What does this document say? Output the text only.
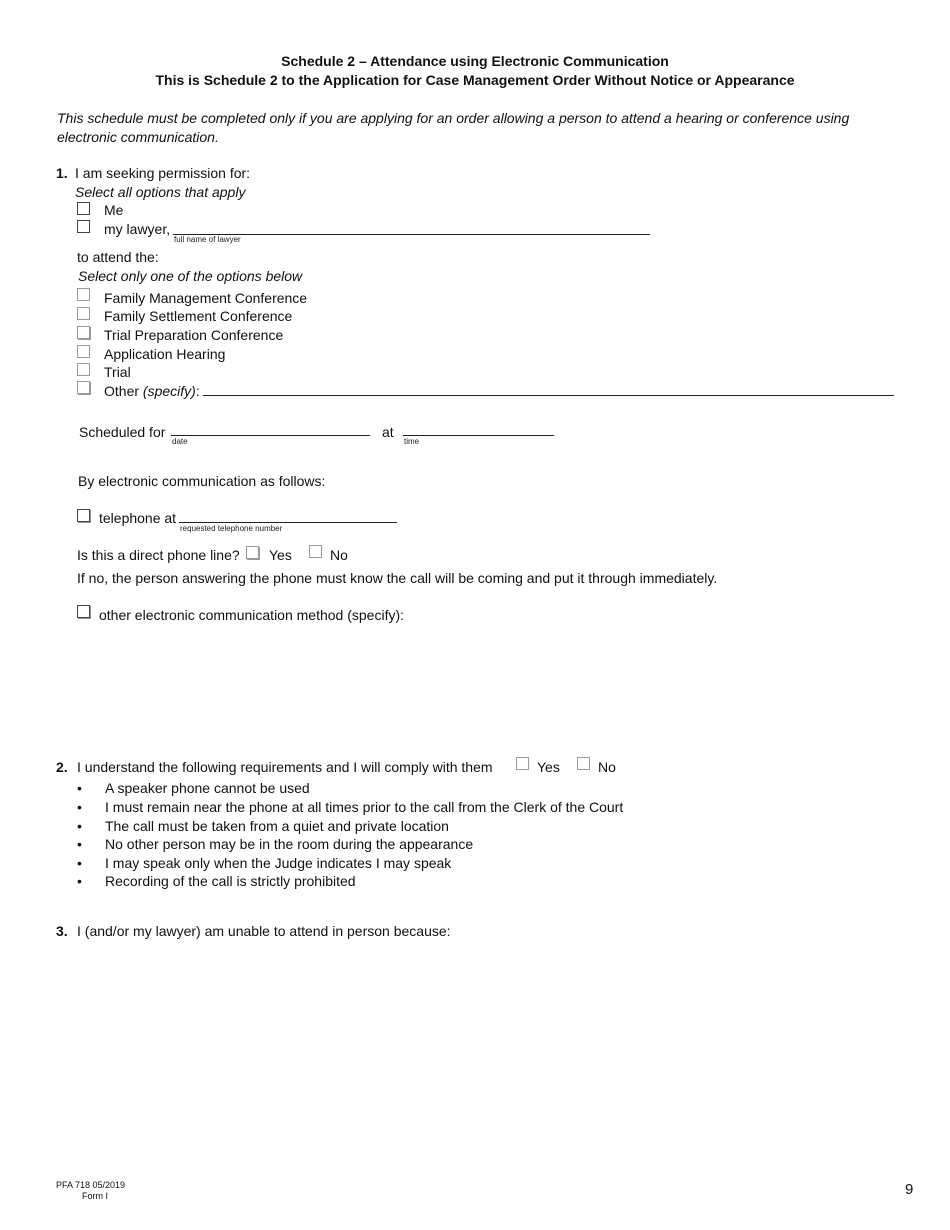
Schedule 2 – Attendance using Electronic Communication
This is Schedule 2 to the Application for Case Management Order Without Notice or Appearance
This schedule must be completed only if you are applying for an order allowing a person to attend a hearing or conference using electronic communication.
1. I am seeking permission for:
Select all options that apply
Me
my lawyer,
full name of lawyer
to attend the:
Select only one of the options below
Family Management Conference
Family Settlement Conference
Trial Preparation Conference
Application Hearing
Trial
Other (specify):
Scheduled for
date
at
time
By electronic communication as follows:
telephone at
requested telephone number
Is this a direct phone line? Yes	No
If no, the person answering the phone must know the call will be coming and put it through immediately.
other electronic communication method (specify):
2. I understand the following requirements and I will comply with them	Yes	No
• A speaker phone cannot be used
• I must remain near the phone at all times prior to the call from the Clerk of the Court
• The call must be taken from a quiet and private location
• No other person may be in the room during the appearance
• I may speak only when the Judge indicates I may speak
• Recording of the call is strictly prohibited
3. I (and/or my lawyer) am unable to attend in person because:
PFA 718 05/2019
Form I	9
